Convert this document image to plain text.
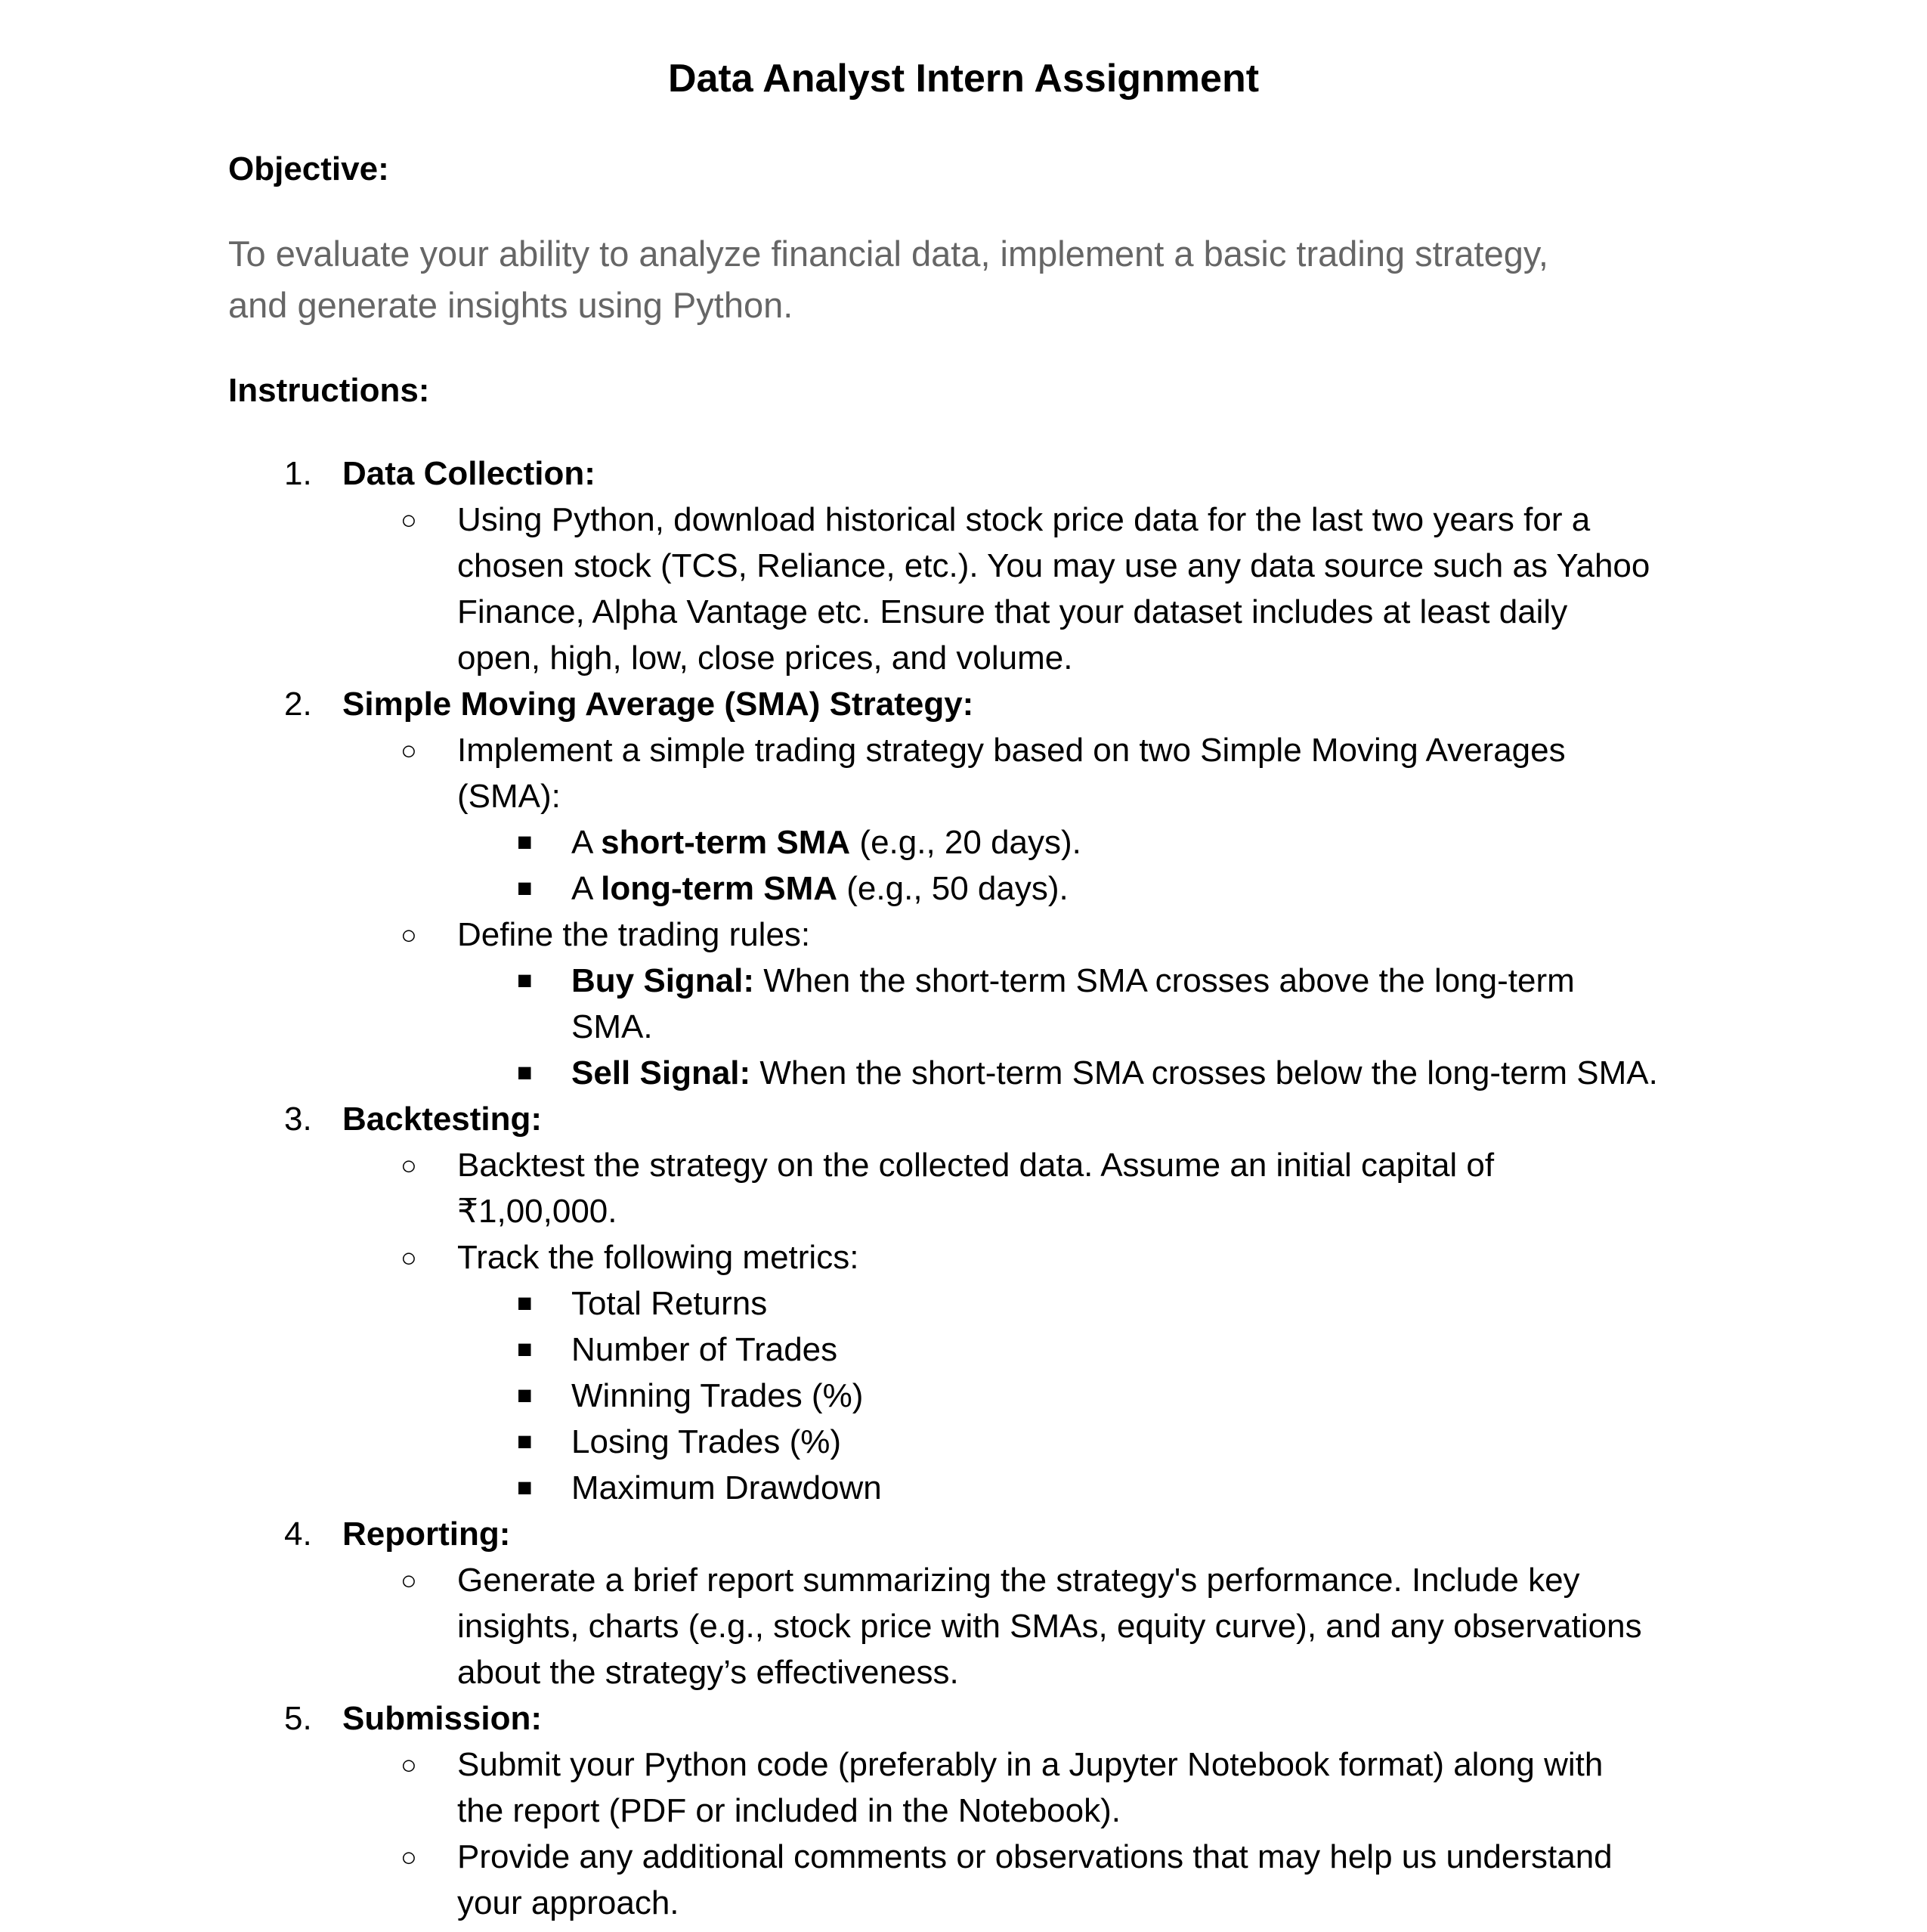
Data Analyst Intern Assignment
Objective:
To evaluate your ability to analyze financial data, implement a basic trading strategy,
and generate insights using Python.
Instructions:
1. Data Collection:
○ Using Python, download historical stock price data for the last two years for a
chosen stock (TCS, Reliance, etc.). You may use any data source such as Yahoo
Finance, Alpha Vantage etc. Ensure that your dataset includes at least daily
open, high, low, close prices, and volume.
2. Simple Moving Average (SMA) Strategy:
○ Implement a simple trading strategy based on two Simple Moving Averages
(SMA):
■ A short-term SMA (e.g., 20 days).
■ A long-term SMA (e.g., 50 days).
○ Define the trading rules:
■ Buy Signal: When the short-term SMA crosses above the long-term
SMA.
■ Sell Signal: When the short-term SMA crosses below the long-term SMA.
3. Backtesting:
○ Backtest the strategy on the collected data. Assume an initial capital of
₹1,00,000.
○ Track the following metrics:
■ Total Returns
■ Number of Trades
■ Winning Trades (%)
■ Losing Trades (%)
■ Maximum Drawdown
4. Reporting:
○ Generate a brief report summarizing the strategy's performance. Include key
insights, charts (e.g., stock price with SMAs, equity curve), and any observations
about the strategy’s effectiveness.
5. Submission:
○ Submit your Python code (preferably in a Jupyter Notebook format) along with
the report (PDF or included in the Notebook).
○ Provide any additional comments or observations that may help us understand
your approach.
